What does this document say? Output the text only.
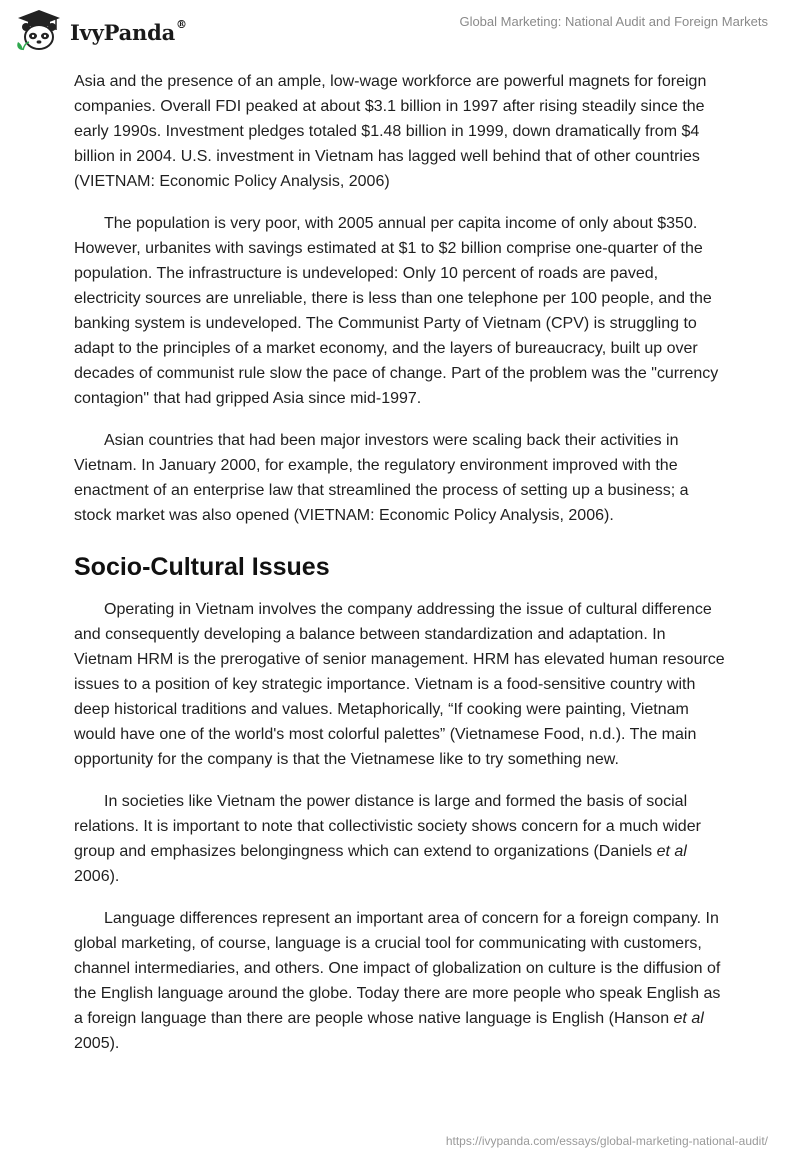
IvyPanda®	Global Marketing: National Audit and Foreign Markets

Asia and the presence of an ample, low-wage workforce are powerful magnets for foreign companies. Overall FDI peaked at about $3.1 billion in 1997 after rising steadily since the early 1990s. Investment pledges totaled $1.48 billion in 1999, down dramatically from $4 billion in 2004. U.S. investment in Vietnam has lagged well behind that of other countries (VIETNAM: Economic Policy Analysis, 2006)

The population is very poor, with 2005 annual per capita income of only about $350. However, urbanites with savings estimated at $1 to $2 billion comprise one-quarter of the population. The infrastructure is undeveloped: Only 10 percent of roads are paved, electricity sources are unreliable, there is less than one telephone per 100 people, and the banking system is undeveloped. The Communist Party of Vietnam (CPV) is struggling to adapt to the principles of a market economy, and the layers of bureaucracy, built up over decades of communist rule slow the pace of change. Part of the problem was the "currency contagion" that had gripped Asia since mid-1997.

Asian countries that had been major investors were scaling back their activities in Vietnam. In January 2000, for example, the regulatory environment improved with the enactment of an enterprise law that streamlined the process of setting up a business; a stock market was also opened (VIETNAM: Economic Policy Analysis, 2006).

Socio-Cultural Issues

Operating in Vietnam involves the company addressing the issue of cultural difference and consequently developing a balance between standardization and adaptation. In Vietnam HRM is the prerogative of senior management. HRM has elevated human resource issues to a position of key strategic importance. Vietnam is a food-sensitive country with deep historical traditions and values. Metaphorically, “If cooking were painting, Vietnam would have one of the world's most colorful palettes” (Vietnamese Food, n.d.). The main opportunity for the company is that the Vietnamese like to try something new.

In societies like Vietnam the power distance is large and formed the basis of social relations. It is important to note that collectivistic society shows concern for a much wider group and emphasizes belongingness which can extend to organizations (Daniels et al 2006).

Language differences represent an important area of concern for a foreign company. In global marketing, of course, language is a crucial tool for communicating with customers, channel intermediaries, and others. One impact of globalization on culture is the diffusion of the English language around the globe. Today there are more people who speak English as a foreign language than there are people whose native language is English (Hanson et al 2005).

https://ivypanda.com/essays/global-marketing-national-audit/
